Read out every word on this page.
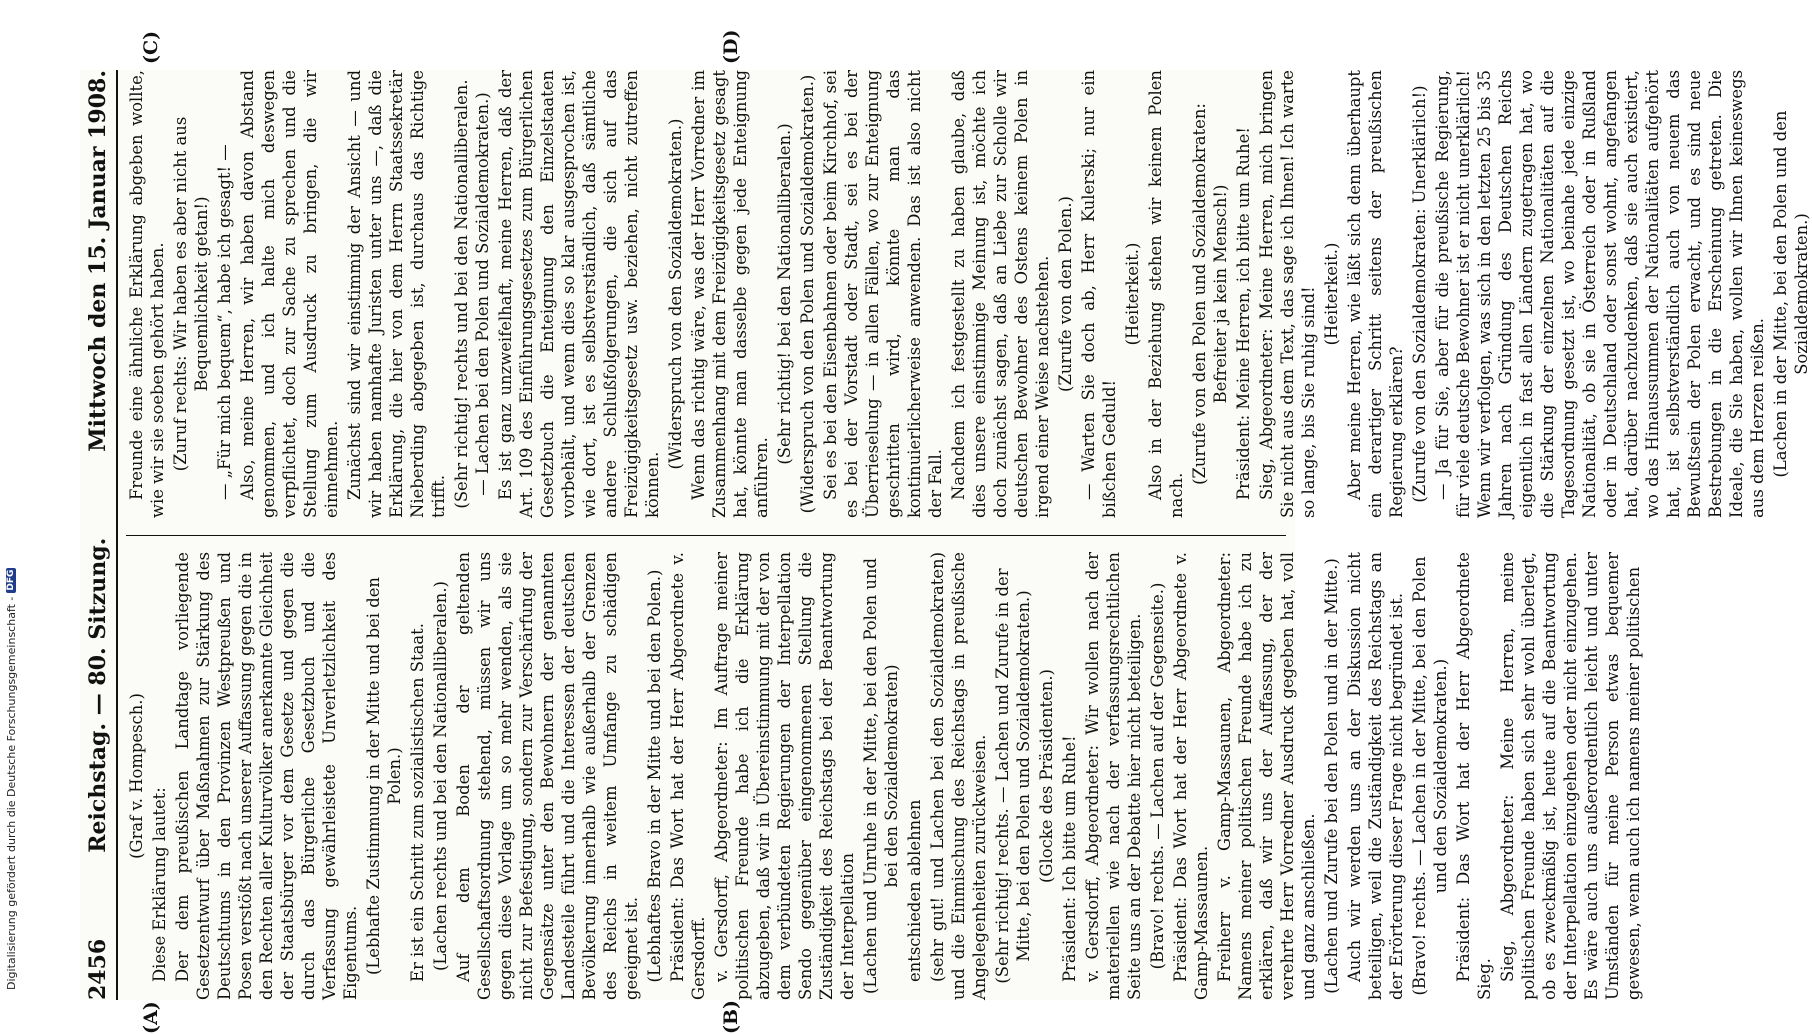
2456
Reichstag. — 80. Sitzung.
Mittwoch den 15. Januar 1908.
(A)	(B)
(C)	(D)

(Graf v. Hompesch.)

Diese Erklärung lautet: Der dem preußischen Landtage vorliegende Gesetzentwurf über Maßnahmen zur Stärkung des Deutschtums in den Provinzen Westpreußen und Posen verstößt nach unserer Auffassung gegen die in den Rechten aller Kulturvölker anerkannte Gleichheit der Staatsbürger vor dem Gesetze und gegen die durch das Bürgerliche Gesetzbuch und die Verfassung gewährleistete Unverletzlichkeit des Eigentums. (Lebhafte Zustimmung in der Mitte und bei den Polen.) Er ist ein Schritt zum sozialistischen Staat. (Lachen rechts und bei den Nationalliberalen.) Auf dem Boden der geltenden Gesellschaftsordnung stehend, müssen wir uns gegen diese Vorlage um so mehr wenden, als sie nicht zur Befestigung, sondern zur Verschärfung der Gegensätze unter den Bewohnern der genannten Landesteile führt und die Interessen der deutschen Bevölkerung innerhalb wie außerhalb der Grenzen des Reichs in weitem Umfange zu schädigen geeignet ist. (Lebhaftes Bravo in der Mitte und bei den Polen.) Präsident: Das Wort hat der Herr Abgeordnete v. Gersdorff. v. Gersdorff, Abgeordneter: Im Auftrage meiner politischen Freunde habe ich die Erklärung abzugeben, daß wir in Übereinstimmung mit der von dem verbündeten Regierungen der Interpellation Sendo gegenüber eingenommenen Stellung die Zuständigkeit des Reichstags bei der Beantwortung der Interpellation (Lachen und Unruhe in der Mitte, bei den Polen und bei den Sozialdemokraten)

entschieden ablehnen (sehr gut! und Lachen bei den Sozialdemokraten) und die Einmischung des Reichstags in preußische Angelegenheiten zurückweisen. (Sehr richtig! rechts. — Lachen und Zurufe in der Mitte, bei den Polen und Sozialdemokraten.) (Glocke des Präsidenten.) Präsident: Ich bitte um Ruhe! v. Gersdorff, Abgeordneter: Wir wollen nach der materiellen wie nach der verfassungsrechtlichen Seite uns an der Debatte hier nicht beteiligen. (Bravo! rechts. — Lachen auf der Gegenseite.) Präsident: Das Wort hat der Herr Abgeordnete v. Gamp-Massaunen. Freiherr v. Gamp-Massaunen, Abgeordneter: Namens meiner politischen Freunde habe ich zu erklären, daß wir uns der Auffassung, der der verehrte Herr Vorredner Ausdruck gegeben hat, voll und ganz anschließen. (Lachen und Zurufe bei den Polen und in der Mitte.) Auch wir werden uns an der Diskussion nicht beteiligen, weil die Zuständigkeit des Reichstags an der Erörterung dieser Frage nicht begründet ist. (Bravo! rechts. — Lachen in der Mitte, bei den Polen und den Sozialdemokraten.) Präsident: Das Wort hat der Herr Abgeordnete Sieg. Sieg, Abgeordneter: Meine Herren, meine politischen Freunde haben sich sehr wohl überlegt, ob es zweckmäßig ist, heute auf die Beantwortung der Interpellation einzugehen oder nicht einzugehen. Es wäre auch uns außerordentlich leicht und unter Umständen für meine Person etwas bequemer gewesen, wenn auch ich namens meiner politischen

Freunde eine ähnliche Erklärung abgeben wollte, wie wir sie soeben gehört haben. (Zuruf rechts: Wir haben es aber nicht aus Bequemlichkeit getan!) — „Für mich bequem“, habe ich gesagt! — Also, meine Herren, wir haben davon Abstand genommen, und ich halte mich deswegen verpflichtet, doch zur Sache zu sprechen und die Stellung zum Ausdruck zu bringen, die wir einnehmen. Zunächst sind wir einstimmig der Ansicht — und wir haben namhafte Juristen unter uns —, daß die Erklärung, die hier von dem Herrn Staatssekretär Nieberding abgegeben ist, durchaus das Richtige trifft. (Sehr richtig! rechts und bei den Nationalliberalen. — Lachen bei den Polen und Sozialdemokraten.) Es ist ganz unzweifelhaft, meine Herren, daß der Art. 109 des Einführungsgesetzes zum Bürgerlichen Gesetzbuch die Enteignung den Einzelstaaten vorbehält, und wenn dies so klar ausgesprochen ist, wie dort, ist es selbstverständlich, daß sämtliche andere Schlußfolgerungen, die sich auf das Freizügigkeitsgesetz usw. beziehen, nicht zutreffen können.

(Widerspruch von den Sozialdemokraten.) Wenn das richtig wäre, was der Herr Vorredner im Zusammenhang mit dem Freizügigkeitsgesetz gesagt hat, könnte man dasselbe gegen jede Enteignung anführen.

(Sehr richtig! bei den Nationalliberalen.) (Widerspruch von den Polen und Sozialdemokraten.) Sei es bei den Eisenbahnen oder beim Kirchhof, sei es bei der Vorstadt oder Stadt, sei es bei der Überrieselung — in allen Fällen, wo zur Enteignung geschritten wird, könnte man das kontinuierlicherweise anwenden. Das ist also nicht der Fall. Nachdem ich festgestellt zu haben glaube, daß dies unsere einstimmige Meinung ist, möchte ich doch zunächst sagen, daß an Liebe zur Scholle wir deutschen Bewohner des Ostens keinem Polen in irgend einer Weise nachstehen. (Zurufe von den Polen.) — Warten Sie doch ab, Herr Kulerski; nur ein bißchen Geduld!

(Heiterkeit.) Also in der Beziehung stehen wir keinem Polen nach.

(Zurufe von den Polen und Sozialdemokraten: Befreiter ja kein Mensch!) Präsident: Meine Herren, ich bitte um Ruhe! Sieg, Abgeordneter: Meine Herren, mich bringen Sie nicht aus dem Text, das sage ich Ihnen! Ich warte so lange, bis Sie ruhig sind! (Heiterkeit.) Aber meine Herren, wie läßt sich denn überhaupt ein derartiger Schritt seitens der preußischen Regierung erklären? (Zurufe von den Sozialdemokraten: Unerklärlich!) — Ja für Sie, aber für die preußische Regierung, für viele deutsche Bewohner ist er nicht unerklärlich! Wenn wir verfolgen, was sich in den letzten 25 bis 35 Jahren nach Gründung des Deutschen Reichs eigentlich in fast allen Ländern zugetragen hat, wo die Stärkung der einzelnen Nationalitäten auf die Tagesordnung gesetzt ist, wo beinahe jede einzige Nationalität, ob sie in Österreich oder in Rußland oder in Deutschland oder sonst wohnt, angefangen hat, darüber nachzudenken, daß sie auch existiert, wo das Hinaussummen der Nationalitäten aufgehört hat, ist selbstverständlich auch von neuem das Bewußtsein der Polen erwacht, und es sind neue Bestrebungen in die Erscheinung getreten. Die Ideale, die Sie haben, wollen wir Ihnen keineswegs aus dem Herzen reißen. (Lachen in der Mitte, bei den Polen und den Sozialdemokraten.)

Digitalisierung gefördert durch die Deutsche Forschungsgemeinschaft -
DFG
